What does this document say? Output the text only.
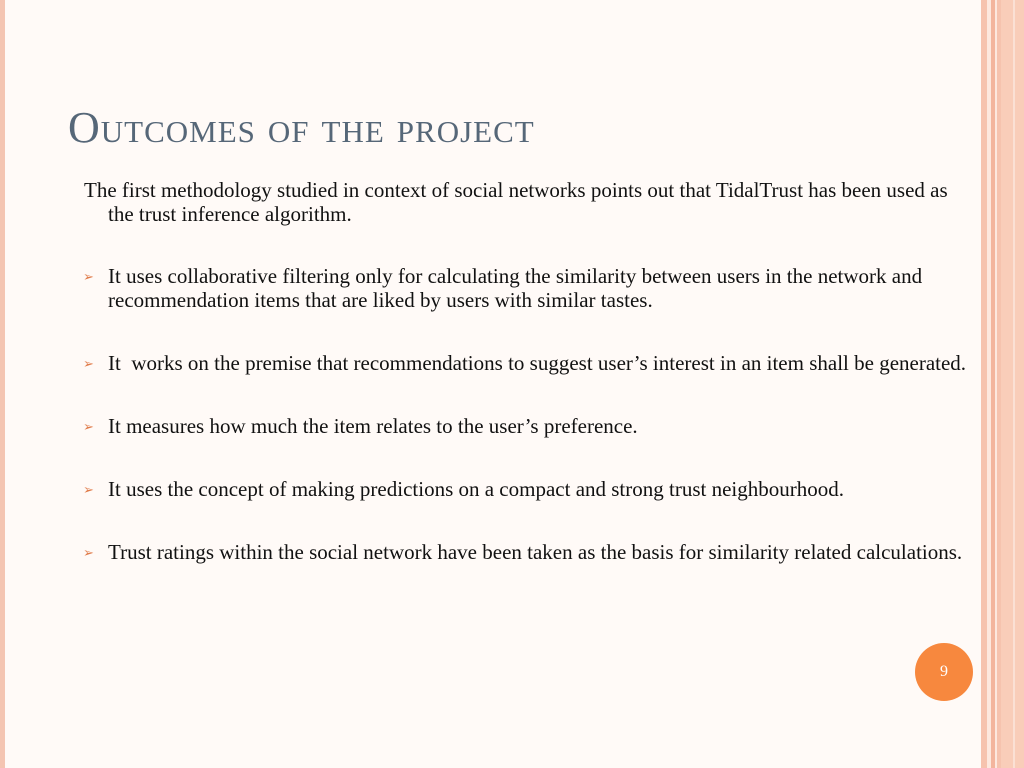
Outcomes of the project

The first methodology studied in context of social networks points out that TidalTrust has been used as the trust inference algorithm.

➢ It uses collaborative filtering only for calculating the similarity between users in the network and recommendation items that are liked by users with similar tastes.
➢ It  works on the premise that recommendations to suggest user’s interest in an item shall be generated.
➢ It measures how much the item relates to the user’s preference.
➢ It uses the concept of making predictions on a compact and strong trust neighbourhood.
➢ Trust ratings within the social network have been taken as the basis for similarity related calculations.
9
